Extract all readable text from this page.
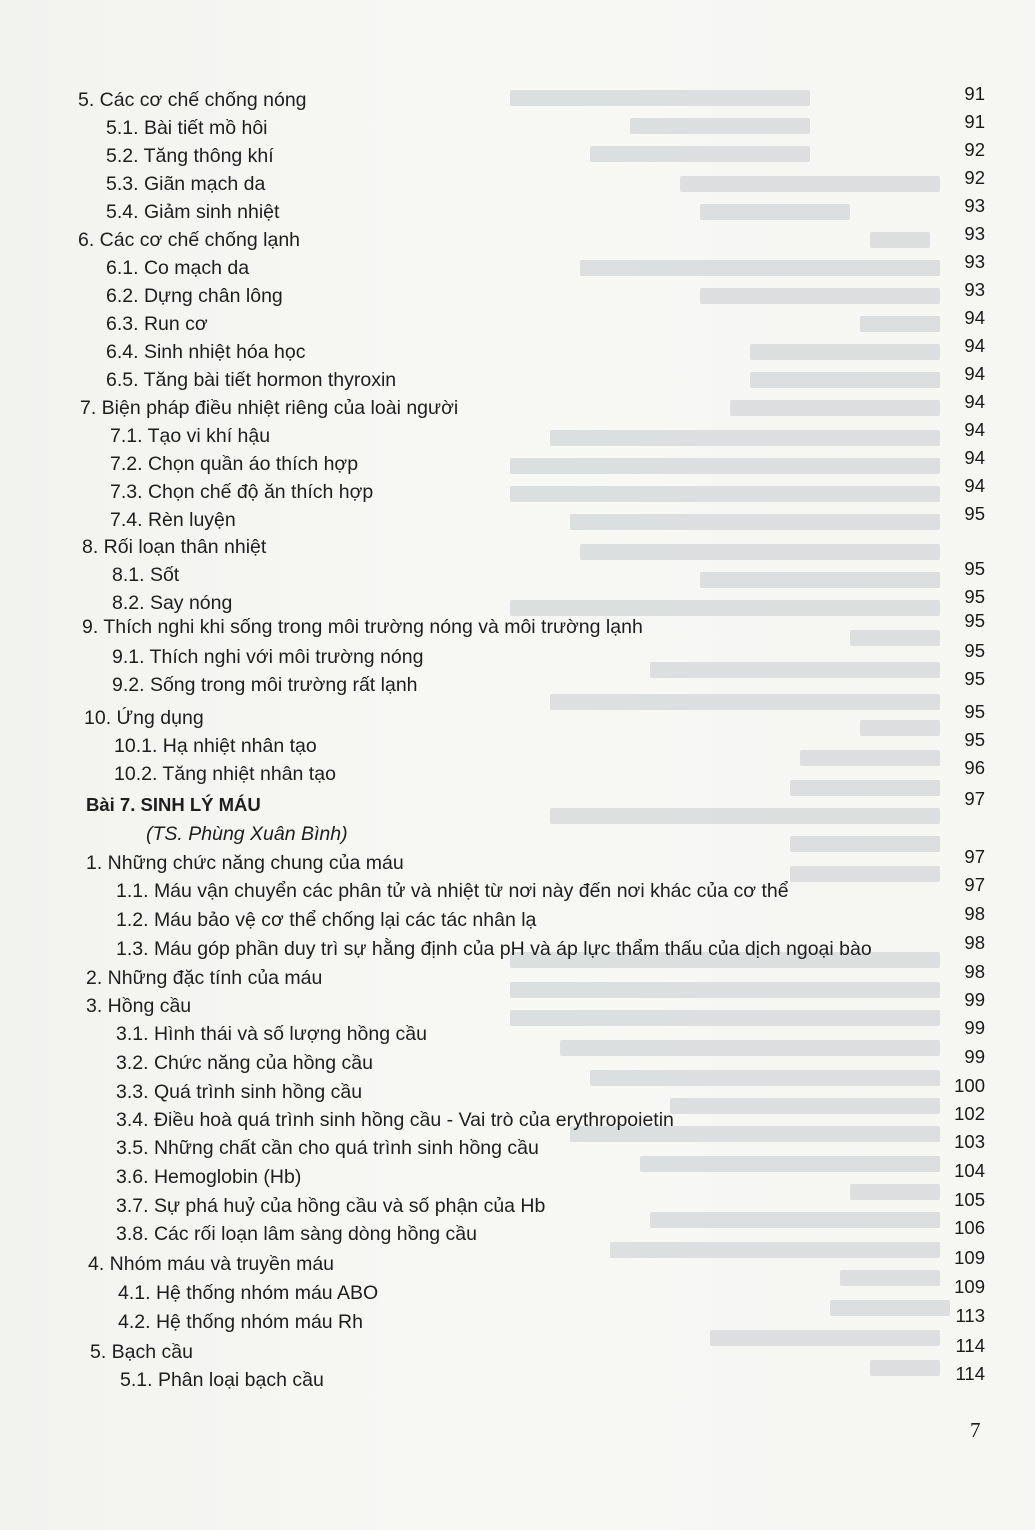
5. Các cơ chế chống nóng	91
5.1. Bài tiết mồ hôi	91
5.2. Tăng thông khí	92
5.3. Giãn mạch da	92
5.4. Giảm sinh nhiệt	93
6. Các cơ chế chống lạnh	93
6.1. Co mạch da	93
6.2. Dựng chân lông	93
6.3. Run cơ	94
6.4. Sinh nhiệt hóa học	94
6.5. Tăng bài tiết hormon thyroxin	94
7. Biện pháp điều nhiệt riêng của loài người	94
7.1. Tạo vi khí hậu	94
7.2. Chọn quần áo thích hợp	94
7.3. Chọn chế độ ăn thích hợp	94
7.4. Rèn luyện	95
8. Rối loạn thân nhiệt
8.1. Sốt	95
8.2. Say nóng	95
9. Thích nghi khi sống trong môi trường nóng và môi trường lạnh	95
9.1. Thích nghi với môi trường nóng	95
9.2. Sống trong môi trường rất lạnh	95
10. Ứng dụng	95
10.1. Hạ nhiệt nhân tạo	95
10.2. Tăng nhiệt nhân tạo	96
Bài 7. SINH LÝ MÁU	97
(TS. Phùng Xuân Bình)
1. Những chức năng chung của máu	97
1.1. Máu vận chuyển các phân tử và nhiệt từ nơi này đến nơi khác của cơ thể	97
1.2. Máu bảo vệ cơ thể chống lại các tác nhân lạ	98
1.3. Máu góp phần duy trì sự hằng định của pH và áp lực thẩm thấu của dịch ngoại bào	98
2. Những đặc tính của máu	98
3. Hồng cầu	99
3.1. Hình thái và số lượng hồng cầu	99
3.2. Chức năng của hồng cầu	99
3.3. Quá trình sinh hồng cầu	100
3.4. Điều hoà quá trình sinh hồng cầu - Vai trò của erythropoietin	102
3.5. Những chất cần cho quá trình sinh hồng cầu	103
3.6. Hemoglobin (Hb)	104
3.7. Sự phá huỷ của hồng cầu và số phận của Hb	105
3.8. Các rối loạn lâm sàng dòng hồng cầu	106
4. Nhóm máu và truyền máu	109
4.1. Hệ thống nhóm máu ABO	109
4.2. Hệ thống nhóm máu Rh	113
5. Bạch cầu	114
5.1. Phân loại bạch cầu	114
7
